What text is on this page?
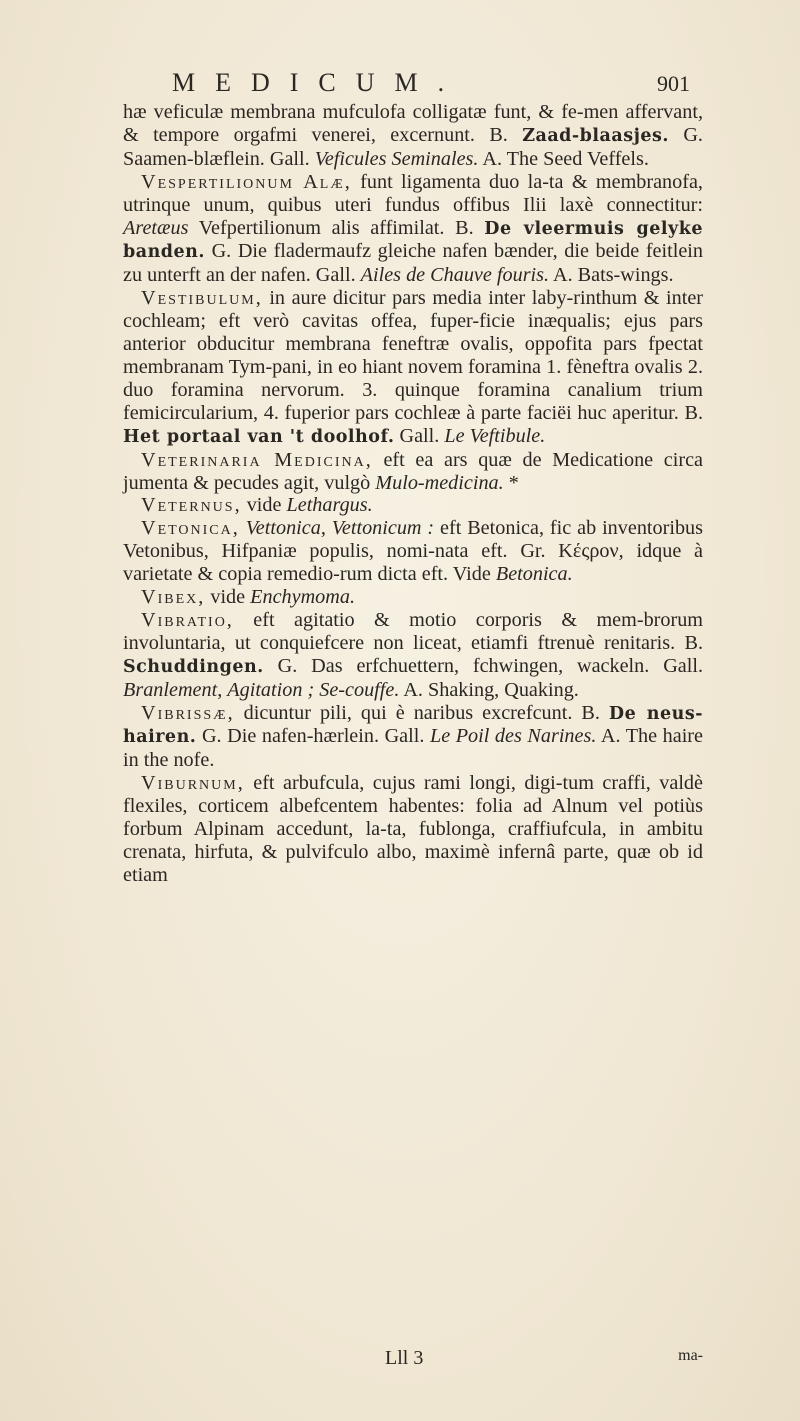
MEDICUM.	901

hæ veficulæ membrana mufculofa colligatæ funt, & fe-men affervant, & tempore orgafmi venerei, excernunt. B. Zaad-blaasjes. G. Saamen-blæflein. Gall. Veficules Seminales. A. The Seed Veffels.

Vespertilionum Alæ, funt ligamenta duo la-ta & membranofa, utrinque unum, quibus uteri fundus offibus Ilii laxè connectitur: Aretæus Vefpertilionum alis affimilat. B. De vleermuis gelyke banden. G. Die fladermaufz gleiche nafen bænder, die beide feitlein zu unterft an der nafen. Gall. Ailes de Chauve fouris. A. Bats-wings.

Vestibulum, in aure dicitur pars media inter laby-rinthum & inter cochleam; eft verò cavitas offea, fuper-ficie inæqualis; ejus pars anterior obducitur membrana feneftræ ovalis, oppofita pars fpectat membranam Tym-pani, in eo hiant novem foramina 1. fèneftra ovalis 2. duo foramina nervorum. 3. quinque foramina canalium trium femicircularium, 4. fuperior pars cochleæ à parte faciëi huc aperitur. B. Het portaal van 't doolhof. Gall. Le Veftibule.

Veterinaria Medicina, eft ea ars quæ de Medicatione circa jumenta & pecudes agit, vulgò Mulo-medicina. *

Veternus, vide Lethargus.

Vetonica, Vettonica, Vettonicum : eft Betonica, fic ab inventoribus Vetonibus, Hifpaniæ populis, nomi-nata eft. Gr. Κέςρον, idque à varietate & copia remedio-rum dicta eft. Vide Betonica.

Vibex, vide Enchymoma.

Vibratio, eft agitatio & motio corporis & mem-brorum involuntaria, ut conquiefcere non liceat, etiamfi ftrenuè renitaris. B. Schuddingen. G. Das erfchuettern, fchwingen, wackeln. Gall. Branlement, Agitation ; Se-couffe. A. Shaking, Quaking.

Vibrissæ, dicuntur pili, qui è naribus excrefcunt. B. De neus-hairen. G. Die nafen-hærlein. Gall. Le Poil des Narines. A. The haire in the nofe.

Viburnum, eft arbufcula, cujus rami longi, digi-tum craffi, valdè flexiles, corticem albefcentem habentes: folia ad Alnum vel potiùs forbum Alpinam accedunt, la-ta, fublonga, craffiufcula, in ambitu crenata, hirfuta, & pulvifculo albo, maximè infernâ parte, quæ ob id etiam

Lll 3	ma-
